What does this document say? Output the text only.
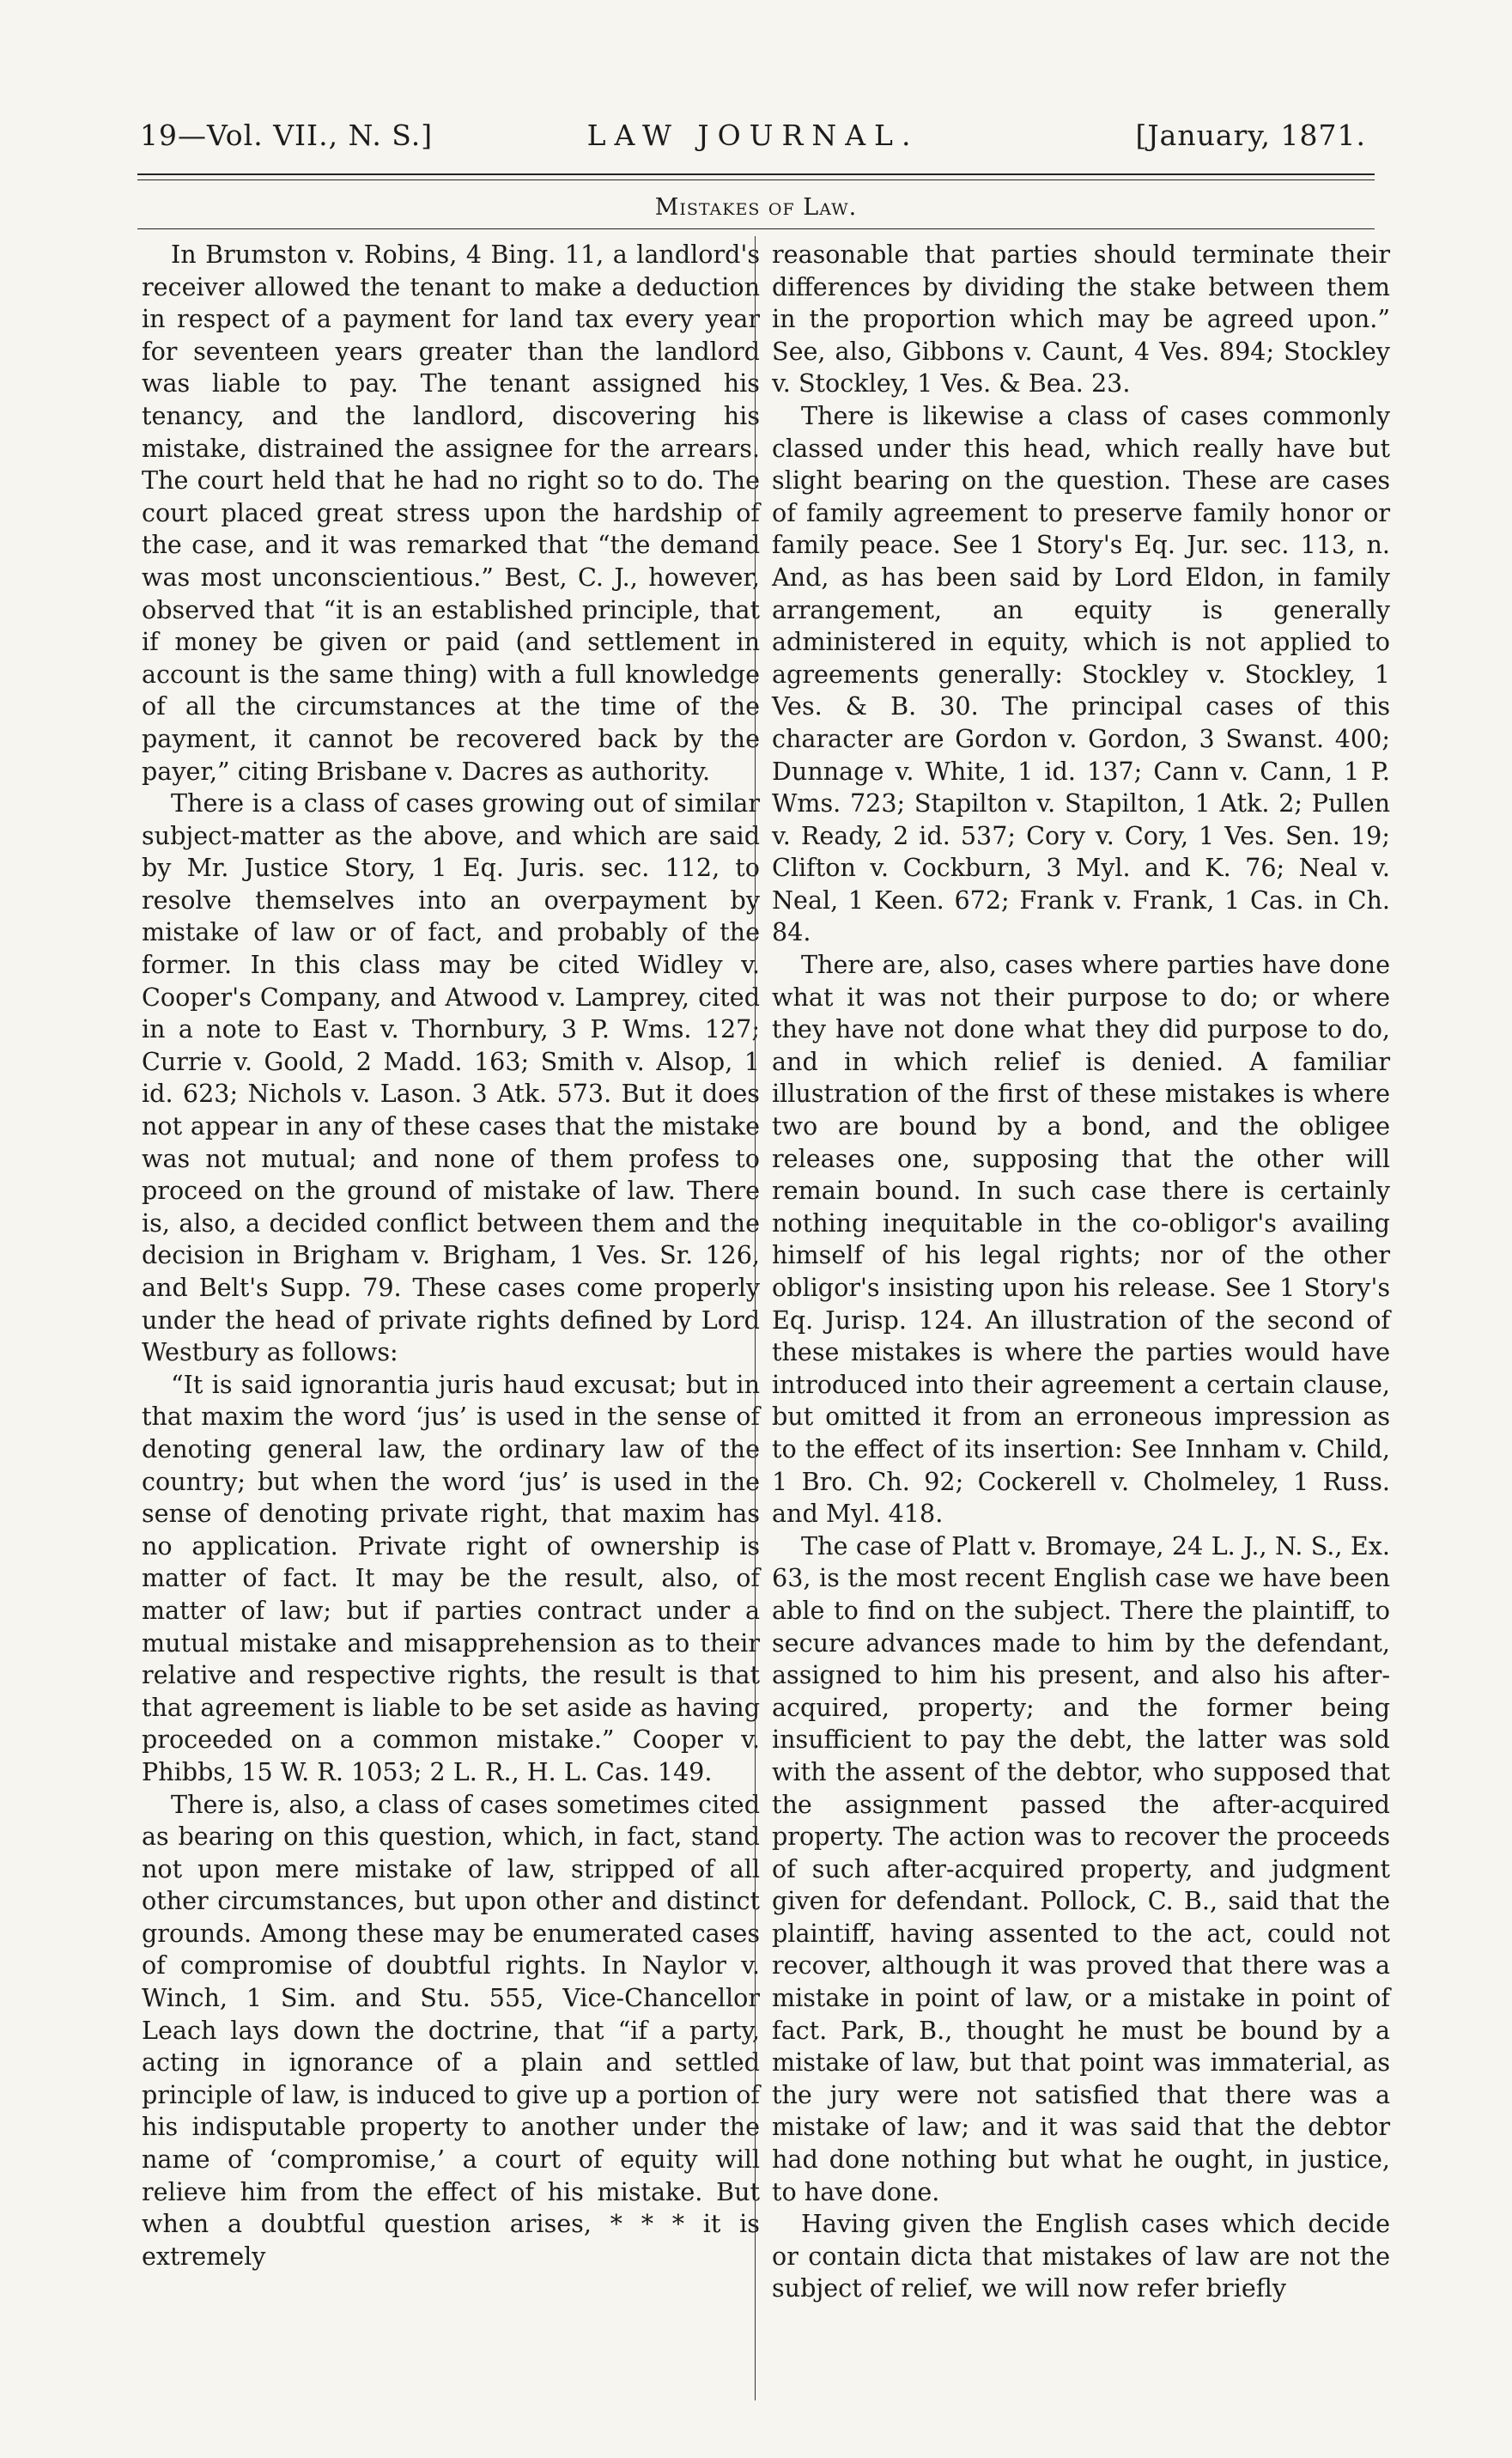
19—Vol. VII., N. S.]	LAW JOURNAL.	[January, 1871.
Mistakes of Law.

In Brumston v. Robins, 4 Bing. 11, a landlord's receiver allowed the tenant to make a deduction in respect of a payment for land tax every year for seventeen years greater than the landlord was liable to pay. The tenant assigned his tenancy, and the landlord, discovering his mistake, distrained the assignee for the arrears. The court held that he had no right so to do. The court placed great stress upon the hardship of the case, and it was remarked that “the demand was most unconscientious.” Best, C. J., however, observed that “it is an established principle, that if money be given or paid (and settlement in account is the same thing) with a full knowledge of all the circumstances at the time of the payment, it cannot be recovered back by the payer,” citing Brisbane v. Dacres as authority.

There is a class of cases growing out of similar subject-matter as the above, and which are said by Mr. Justice Story, 1 Eq. Juris. sec. 112, to resolve themselves into an overpayment by mistake of law or of fact, and probably of the former. In this class may be cited Widley v. Cooper's Company, and Atwood v. Lamprey, cited in a note to East v. Thornbury, 3 P. Wms. 127; Currie v. Goold, 2 Madd. 163; Smith v. Alsop, 1 id. 623; Nichols v. Lason. 3 Atk. 573. But it does not appear in any of these cases that the mistake was not mutual; and none of them profess to proceed on the ground of mistake of law. There is, also, a decided conflict between them and the decision in Brigham v. Brigham, 1 Ves. Sr. 126, and Belt's Supp. 79. These cases come properly under the head of private rights defined by Lord Westbury as follows:

“It is said ignorantia juris haud excusat; but in that maxim the word ‘jus’ is used in the sense of denoting general law, the ordinary law of the country; but when the word ‘jus’ is used in the sense of denoting private right, that maxim has no application. Private right of ownership is matter of fact. It may be the result, also, of matter of law; but if parties contract under a mutual mistake and misapprehension as to their relative and respective rights, the result is that that agreement is liable to be set aside as having proceeded on a common mistake.” Cooper v. Phibbs, 15 W. R. 1053; 2 L. R., H. L. Cas. 149.

There is, also, a class of cases sometimes cited as bearing on this question, which, in fact, stand not upon mere mistake of law, stripped of all other circumstances, but upon other and distinct grounds. Among these may be enumerated cases of compromise of doubtful rights. In Naylor v. Winch, 1 Sim. and Stu. 555, Vice-Chancellor Leach lays down the doctrine, that “if a party, acting in ignorance of a plain and settled principle of law, is induced to give up a portion of his indisputable property to another under the name of ‘compromise,’ a court of equity will relieve him from the effect of his mistake. But when a doubtful question arises, * * * it is extremely

reasonable that parties should terminate their differences by dividing the stake between them in the proportion which may be agreed upon.” See, also, Gibbons v. Caunt, 4 Ves. 894; Stockley v. Stockley, 1 Ves. & Bea. 23.

There is likewise a class of cases commonly classed under this head, which really have but slight bearing on the question. These are cases of family agreement to preserve family honor or family peace. See 1 Story's Eq. Jur. sec. 113, n. And, as has been said by Lord Eldon, in family arrangement, an equity is generally administered in equity, which is not applied to agreements generally: Stockley v. Stockley, 1 Ves. & B. 30. The principal cases of this character are Gordon v. Gordon, 3 Swanst. 400; Dunnage v. White, 1 id. 137; Cann v. Cann, 1 P. Wms. 723; Stapilton v. Stapilton, 1 Atk. 2; Pullen v. Ready, 2 id. 537; Cory v. Cory, 1 Ves. Sen. 19; Clifton v. Cockburn, 3 Myl. and K. 76; Neal v. Neal, 1 Keen. 672; Frank v. Frank, 1 Cas. in Ch. 84.

There are, also, cases where parties have done what it was not their purpose to do; or where they have not done what they did purpose to do, and in which relief is denied. A familiar illustration of the first of these mistakes is where two are bound by a bond, and the obligee releases one, supposing that the other will remain bound. In such case there is certainly nothing inequitable in the co-obligor's availing himself of his legal rights; nor of the other obligor's insisting upon his release. See 1 Story's Eq. Jurisp. 124. An illustration of the second of these mistakes is where the parties would have introduced into their agreement a certain clause, but omitted it from an erroneous impression as to the effect of its insertion: See Innham v. Child, 1 Bro. Ch. 92; Cockerell v. Cholmeley, 1 Russ. and Myl. 418.

The case of Platt v. Bromaye, 24 L. J., N. S., Ex. 63, is the most recent English case we have been able to find on the subject. There the plaintiff, to secure advances made to him by the defendant, assigned to him his present, and also his after-acquired, property; and the former being insufficient to pay the debt, the latter was sold with the assent of the debtor, who supposed that the assignment passed the after-acquired property. The action was to recover the proceeds of such after-acquired property, and judgment given for defendant. Pollock, C. B., said that the plaintiff, having assented to the act, could not recover, although it was proved that there was a mistake in point of law, or a mistake in point of fact. Park, B., thought he must be bound by a mistake of law, but that point was immaterial, as the jury were not satisfied that there was a mistake of law; and it was said that the debtor had done nothing but what he ought, in justice, to have done.

Having given the English cases which decide or contain dicta that mistakes of law are not the subject of relief, we will now refer briefly
